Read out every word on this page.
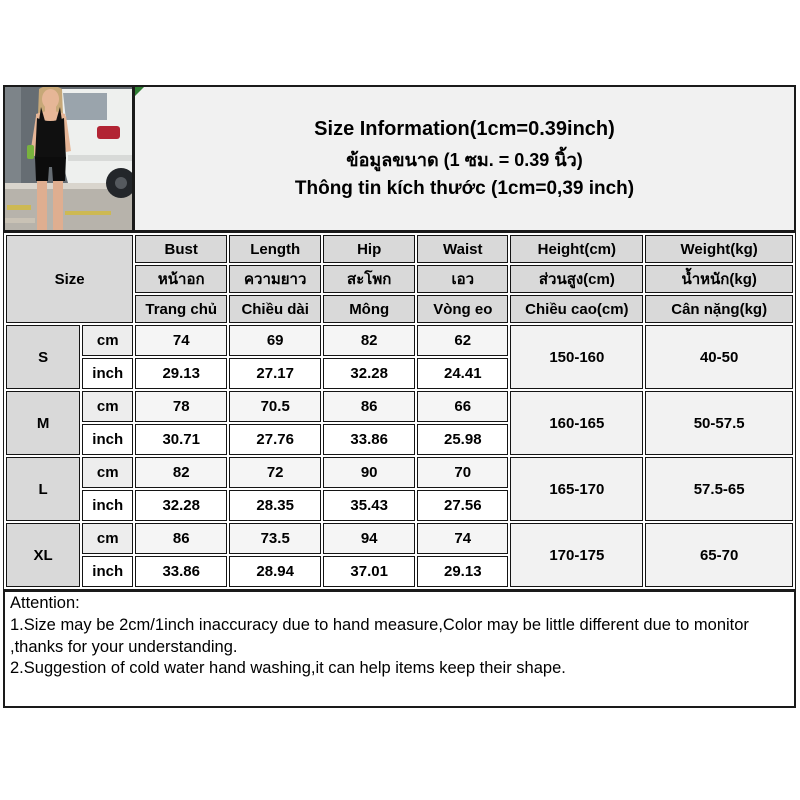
Size Information(1cm=0.39inch)
ข้อมูลขนาด (1 ซม. = 0.39 นิ้ว)
Thông tin kích thước (1cm=0,39 inch)
Size		Bust	Length	Hip	Waist	Height(cm)	Weight(kg)
		หน้าอก	ความยาว	สะโพก	เอว	ส่วนสูง(cm)	น้ำหนัก(kg)
		Trang chủ	Chiều dài	Mông	Vòng eo	Chiều cao(cm)	Cân nặng(kg)
S	cm	74	69	82	62	150-160	40-50
	inch	29.13	27.17	32.28	24.41		
M	cm	78	70.5	86	66	160-165	50-57.5
	inch	30.71	27.76	33.86	25.98		
L	cm	82	72	90	70	165-170	57.5-65
	inch	32.28	28.35	35.43	27.56		
XL	cm	86	73.5	94	74	170-175	65-70
	inch	33.86	28.94	37.01	29.13		
Attention:
1.Size may be 2cm/1inch inaccuracy due to hand measure,Color may be little different due to monitor ,thanks for your understanding.
2.Suggestion of cold water hand washing,it can help items keep their shape.
